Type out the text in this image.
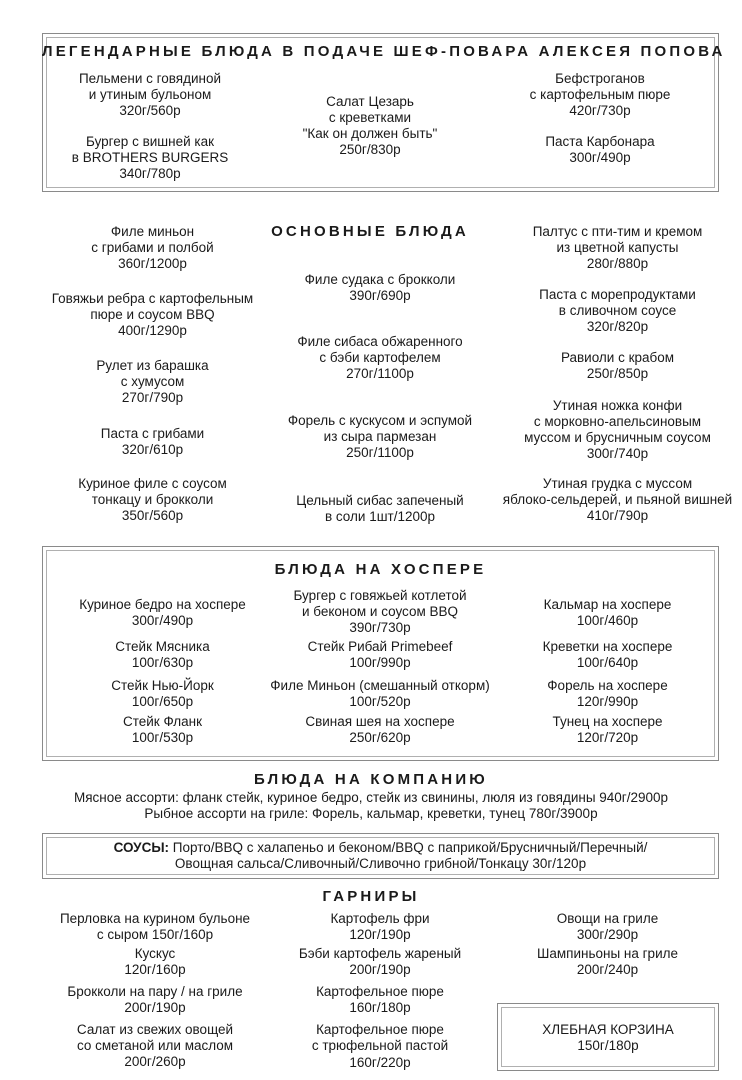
ЛЕГЕНДАРНЫЕ БЛЮДА В ПОДАЧЕ ШЕФ-ПОВАРА АЛЕКСЕЯ ПОПОВА
Пельмени с говядиной
и утиным бульоном
320г/560р
Бургер с вишней как
в BROTHERS BURGERS
340г/780р
Салат Цезарь
с креветками
"Как он должен быть"
250г/830р
Бефстроганов
с картофельным пюре
420г/730р
Паста Карбонара
300г/490р
ОСНОВНЫЕ БЛЮДА
Филе миньон
с грибами и полбой
360г/1200р
Говяжьи ребра с картофельным
пюре и соусом BBQ
400г/1290р
Рулет из барашка
с хумусом
270г/790р
Паста с грибами
320г/610р
Куриное филе с соусом
тонкацу и брокколи
350г/560р
Филе судака с брокколи
390г/690р
Филе сибаса обжаренного
с бэби картофелем
270г/1100р
Форель с кускусом и эспумой
из сыра пармезан
250г/1100р
Цельный сибас запеченый
в соли 1шт/1200р
Палтус с пти-тим и кремом
из цветной капусты
280г/880р
Паста с морепродуктами
в сливочном соусе
320г/820р
Равиоли с крабом
250г/850р
Утиная ножка конфи
с морковно-апельсиновым
муссом и брусничным соусом
300г/740р
Утиная грудка с муссом
яблоко-сельдерей, и пьяной вишней
410г/790р
БЛЮДА НА ХОСПЕРЕ
Куриное бедро на хоспере
300г/490р
Стейк Мясника
100г/630р
Стейк Нью-Йорк
100г/650р
Стейк Фланк
100г/530р
Бургер с говяжьей котлетой
и беконом и соусом BBQ
390г/730р
Стейк Рибай Primebeef
100г/990р
Филе Миньон (смешанный откорм)
100г/520р
Свиная шея на хоспере
250г/620р
Кальмар на хоспере
100г/460р
Креветки на хоспере
100г/640р
Форель на хоспере
120г/990р
Тунец на хоспере
120г/720р
БЛЮДА НА КОМПАНИЮ
Мясное ассорти: фланк стейк, куриное бедро, стейк из свинины, люля из говядины 940г/2900р
Рыбное ассорти на гриле: Форель, кальмар, креветки, тунец 780г/3900р
СОУСЫ: Порто/BBQ с халапеньо и беконом/BBQ с паприкой/Брусничный/Перечный/
Овощная сальса/Сливочный/Сливочно грибной/Тонкацу 30г/120р
ГАРНИРЫ
Перловка на курином бульоне
с сыром 150г/160р
Кускус
120г/160р
Брокколи на пару / на гриле
200г/190р
Салат из свежих овощей
со сметаной или маслом
200г/260р
Картофель фри
120г/190р
Бэби картофель жареный
200г/190р
Картофельное пюре
160г/180р
Картофельное пюре
с трюфельной пастой
160г/220р
Овощи на гриле
300г/290р
Шампиньоны на гриле
200г/240р
ХЛЕБНАЯ КОРЗИНА
150г/180р
